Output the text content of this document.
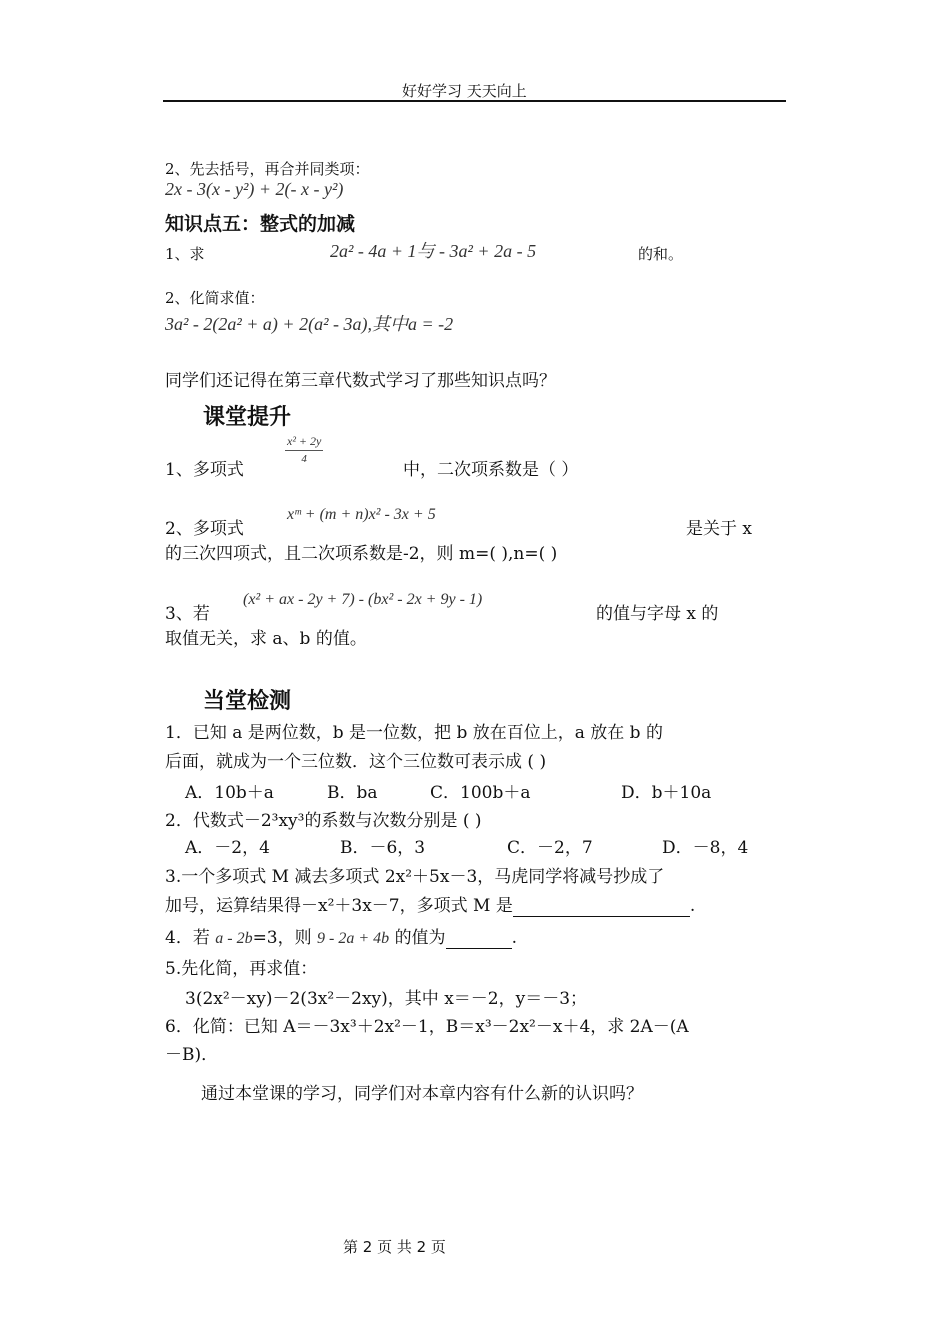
好好学习 天天向上
2、先去括号，再合并同类项：
2x - 3(x - y²) + 2(- x - y²)
知识点五：整式的加减
1、求	2a² - 4a + 1与 - 3a² + 2a - 5	的和。
2、化简求值：
3a² - 2(2a² + a) + 2(a² - 3a),其中a = -2
同学们还记得在第三章代数式学习了那些知识点吗？
课堂提升
1、多项式
$\frac{\text{x² + 2y}}{4}$
中，二次项系数是（ ）
2、多项式
xᵐ + (m + n)x² - 3x + 5
是关于 x
的三次四项式，且二次项系数是-2，则 m=( ),n=( )
3、若
(x² + ax - 2y + 7) - (bx² - 2x + 9y - 1)
的值与字母 x 的
取值无关，求 a、b 的值。
当堂检测
1．已知 a 是两位数，b 是一位数，把 b 放在百位上，a 放在 b 的
后面，就成为一个三位数．这个三位数可表示成 ( )
A．10b＋a	B．ba	C．100b＋a	D．b＋10a
2．代数式－2³xy³的系数与次数分别是 ( )
A．－2，4	B．－6，3	C．－2，7	D．－8，4
3.一个多项式 M 减去多项式 2x²＋5x－3，马虎同学将减号抄成了
加号，运算结果得－x²＋3x－7，多项式 M 是	.
4．若 a - 2b=3，则 9 - 2a + 4b 的值为	.
5.先化简，再求值：
3(2x²－xy)－2(3x²－2xy)，其中 x＝－2，y＝－3；
6．化简：已知 A＝－3x³＋2x²－1，B＝x³－2x²－x＋4，求 2A－(A
－B)．
通过本堂课的学习，同学们对本章内容有什么新的认识吗？
第 2 页 共 2 页
